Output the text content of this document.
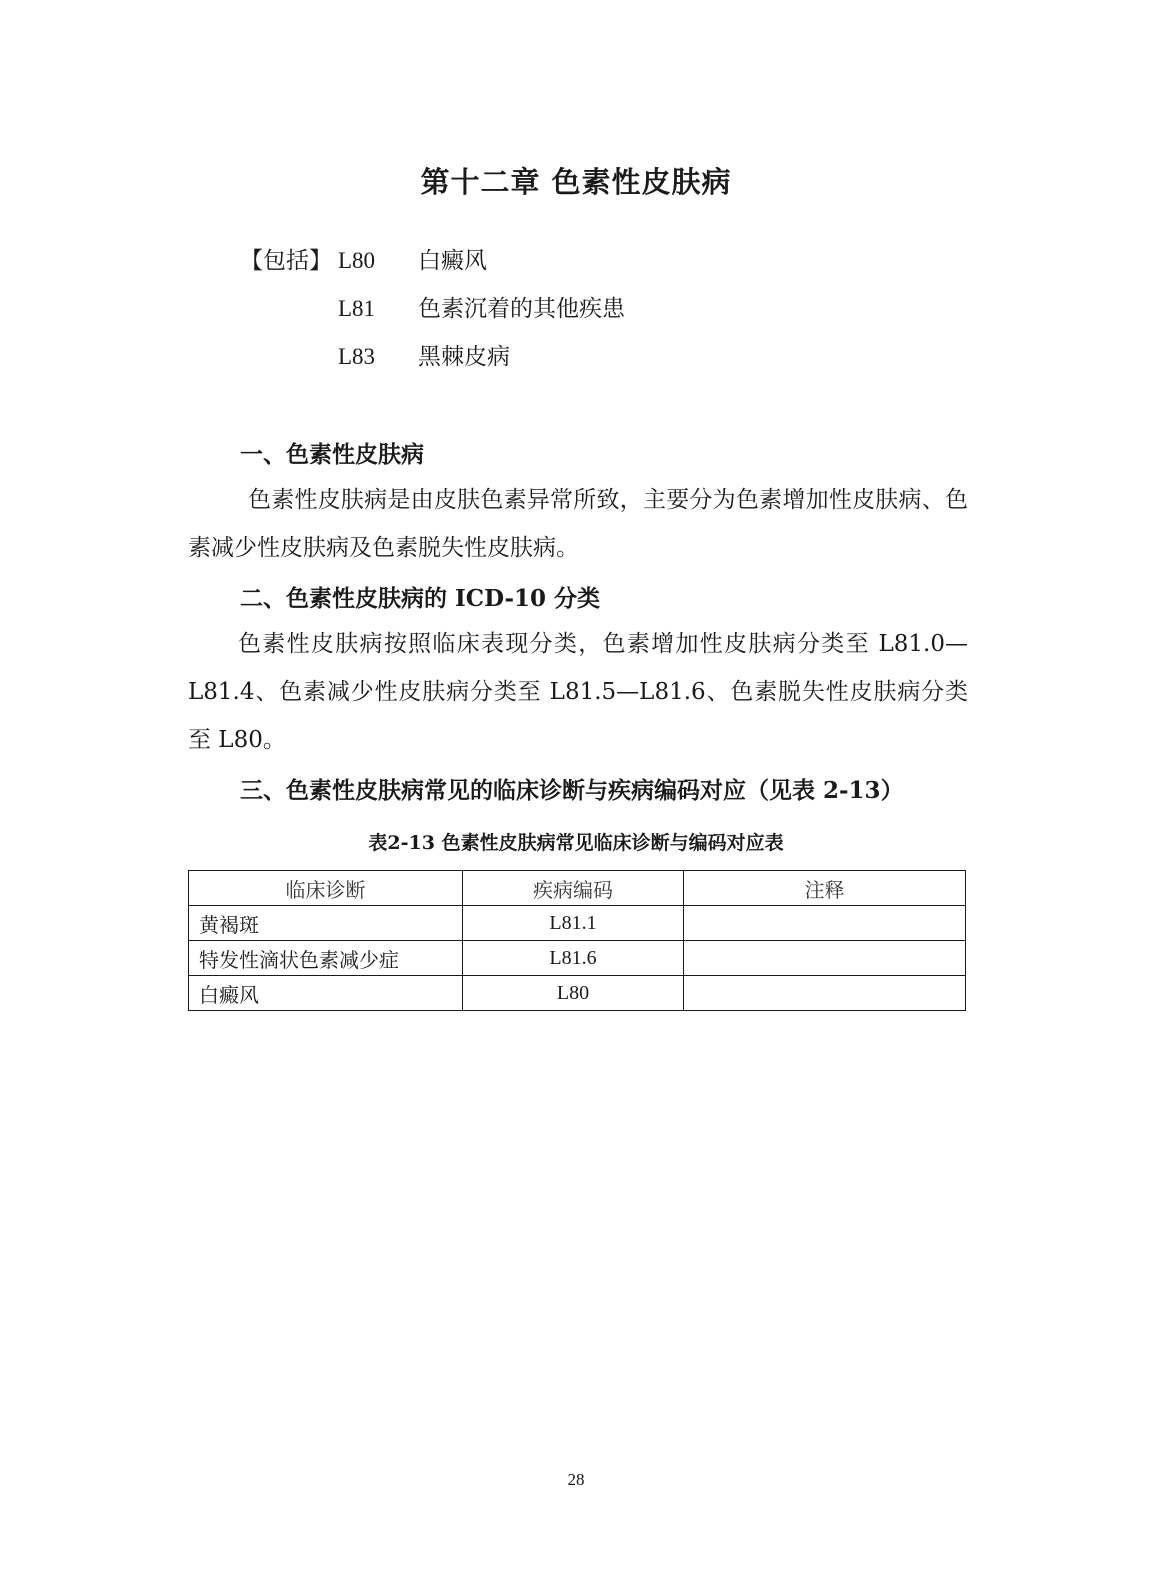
第十二章 色素性皮肤病
【包括】 L80 白癜风
L81 色素沉着的其他疾患
L83 黑棘皮病
一、色素性皮肤病

色素性皮肤病是由皮肤色素异常所致，主要分为色素增加性皮肤病、色素减少性皮肤病及色素脱失性皮肤病。

二、色素性皮肤病的 ICD-10 分类

色素性皮肤病按照临床表现分类，色素增加性皮肤病分类至 L81.0—L81.4、色素减少性皮肤病分类至 L81.5—L81.6、色素脱失性皮肤病分类至 L80。

三、色素性皮肤病常见的临床诊断与疾病编码对应（见表 2-13）

表2-13 色素性皮肤病常见临床诊断与编码对应表

临床诊断	疾病编码	注释
黄褐斑	L81.1	
特发性滴状色素减少症	L81.6	
白癜风	L80	
28
